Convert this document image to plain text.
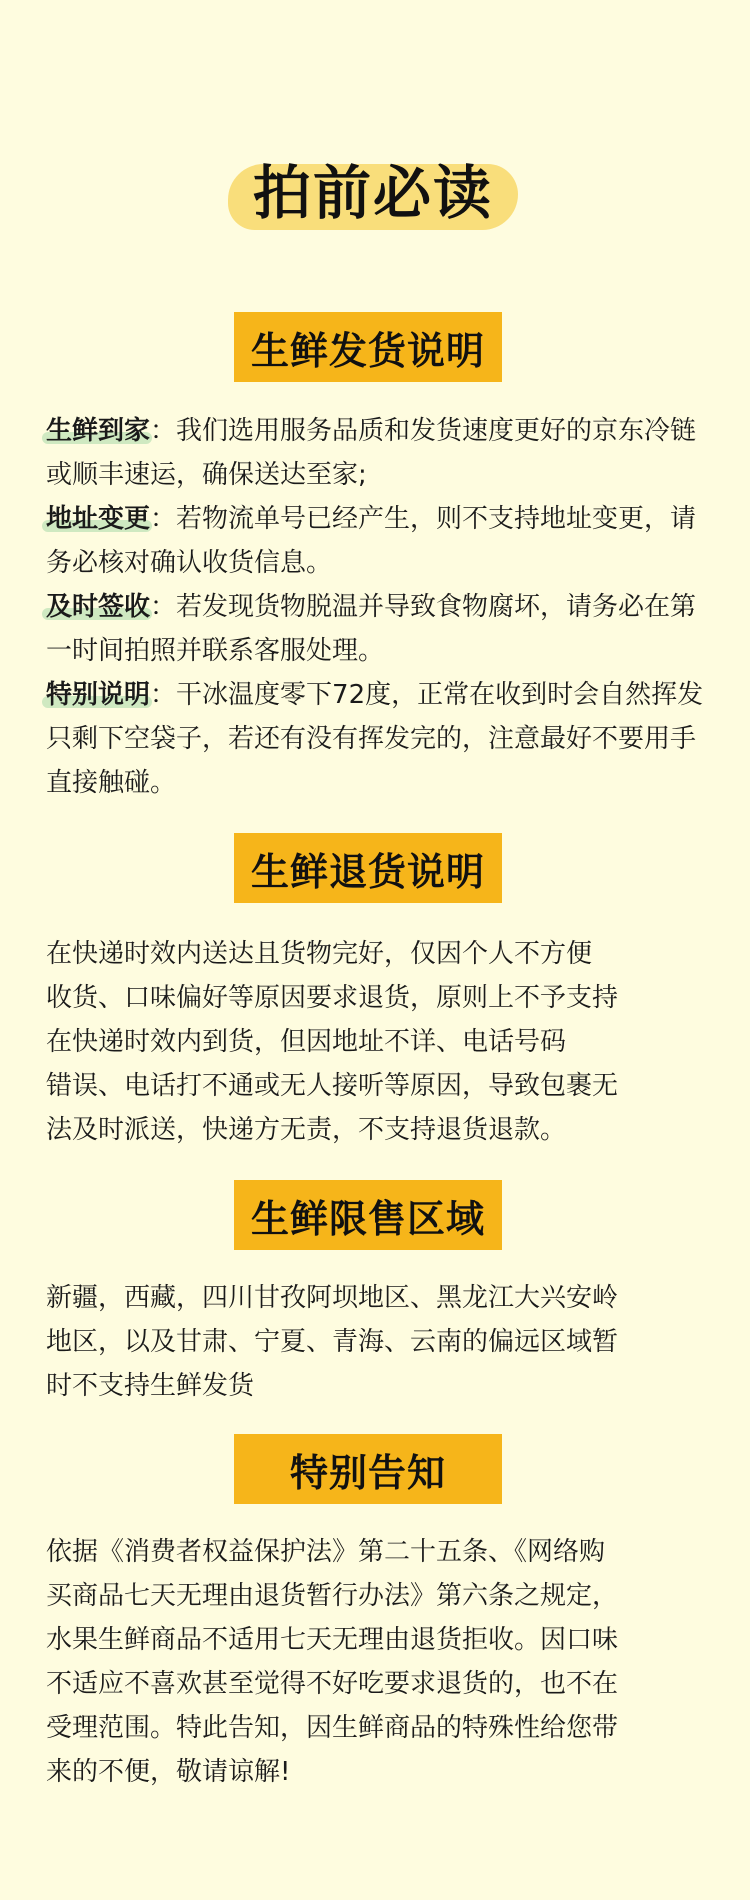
拍前必读
生鲜发货说明

生鲜到家：我们选用服务品质和发货速度更好的京东冷链或顺丰速运，确保送达至家;

地址变更：若物流单号已经产生，则不支持地址变更，请务必核对确认收货信息。

及时签收：若发现货物脱温并导致食物腐坏，请务必在第一时间拍照并联系客服处理。

特别说明：干冰温度零下72度，正常在收到时会自然挥发只剩下空袋子，若还有没有挥发完的，注意最好不要用手直接触碰。

生鲜退货说明

在快递时效内送达且货物完好，仅因个人不方便

收货、口味偏好等原因要求退货，原则上不予支持

在快递时效内到货，但因地址不详、电话号码

错误、电话打不通或无人接听等原因，导致包裹无

法及时派送，快递方无责，不支持退货退款。

生鲜限售区域

新疆，西藏，四川甘孜阿坝地区、黑龙江大兴安岭

地区，以及甘肃、宁夏、青海、云南的偏远区域暂

时不支持生鲜发货

特别告知

依据《消费者权益保护法》第二十五条、《网络购

买商品七天无理由退货暂行办法》第六条之规定，

水果生鲜商品不适用七天无理由退货拒收。因口味

不适应不喜欢甚至觉得不好吃要求退货的，也不在

受理范围。特此告知，因生鲜商品的特殊性给您带

来的不便，敬请谅解!
